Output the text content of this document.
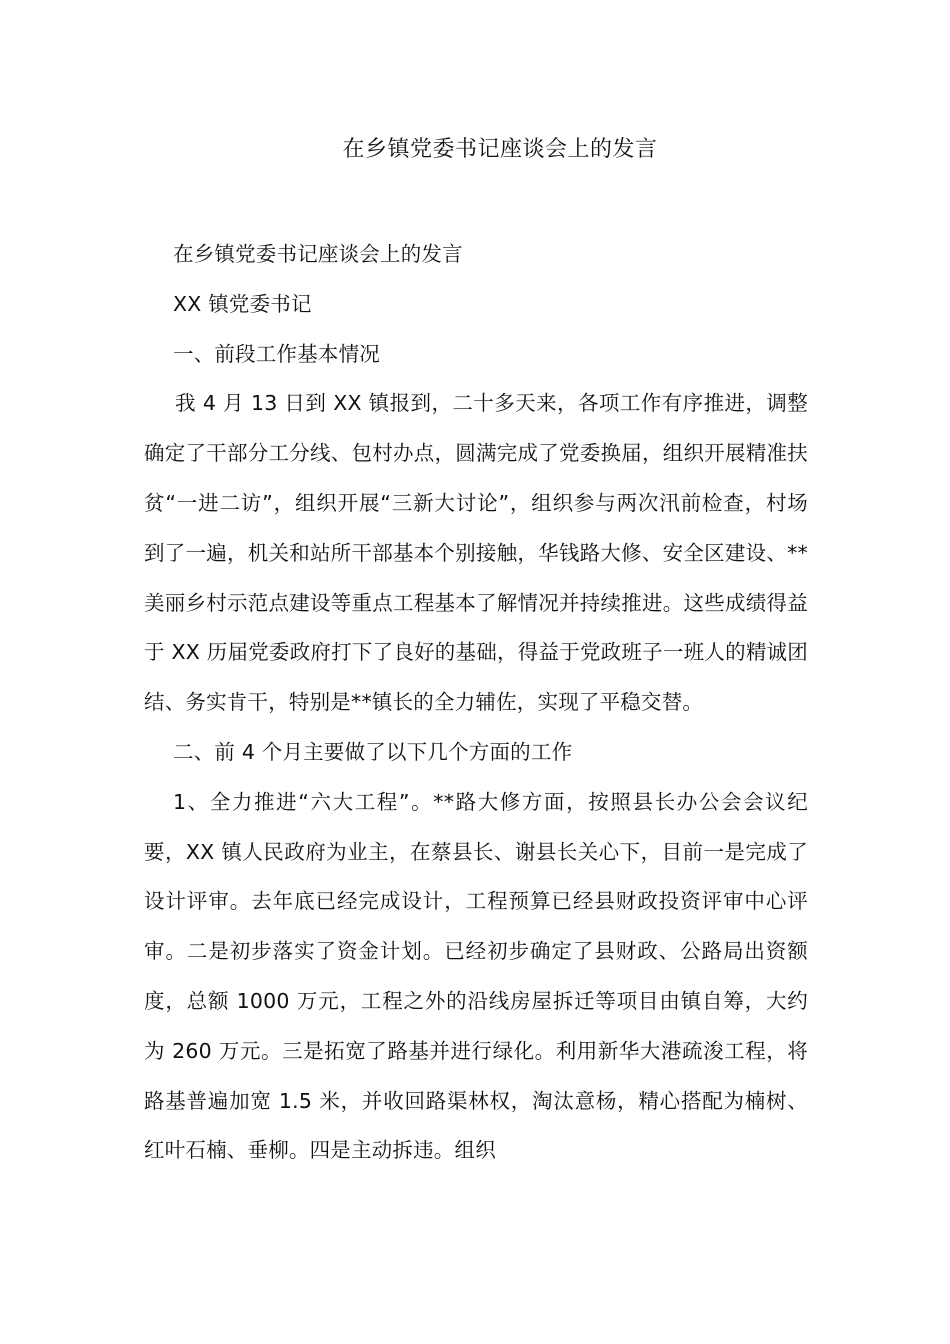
在乡镇党委书记座谈会上的发言

在乡镇党委书记座谈会上的发言

XX 镇党委书记

一、前段工作基本情况

我 4 月 13 日到 XX 镇报到，二十多天来，各项工作有序推进，调整确定了干部分工分线、包村办点，圆满完成了党委换届，组织开展精准扶贫“一进二访”，组织开展“三新大讨论”，组织参与两次汛前检查，村场到了一遍，机关和站所干部基本个别接触，华钱路大修、安全区建设、**美丽乡村示范点建设等重点工程基本了解情况并持续推进。这些成绩得益于 XX 历届党委政府打下了良好的基础，得益于党政班子一班人的精诚团结、务实肯干，特别是**镇长的全力辅佐，实现了平稳交替。

二、前 4 个月主要做了以下几个方面的工作

1、全力推进“六大工程”。**路大修方面，按照县长办公会会议纪要，XX 镇人民政府为业主，在蔡县长、谢县长关心下，目前一是完成了设计评审。去年底已经完成设计，工程预算已经县财政投资评审中心评审。二是初步落实了资金计划。已经初步确定了县财政、公路局出资额度，总额 1000 万元，工程之外的沿线房屋拆迁等项目由镇自筹，大约为 260 万元。三是拓宽了路基并进行绿化。利用新华大港疏浚工程，将路基普遍加宽 1.5 米，并收回路渠林权，淘汰意杨，精心搭配为楠树、红叶石楠、垂柳。四是主动拆违。组织
